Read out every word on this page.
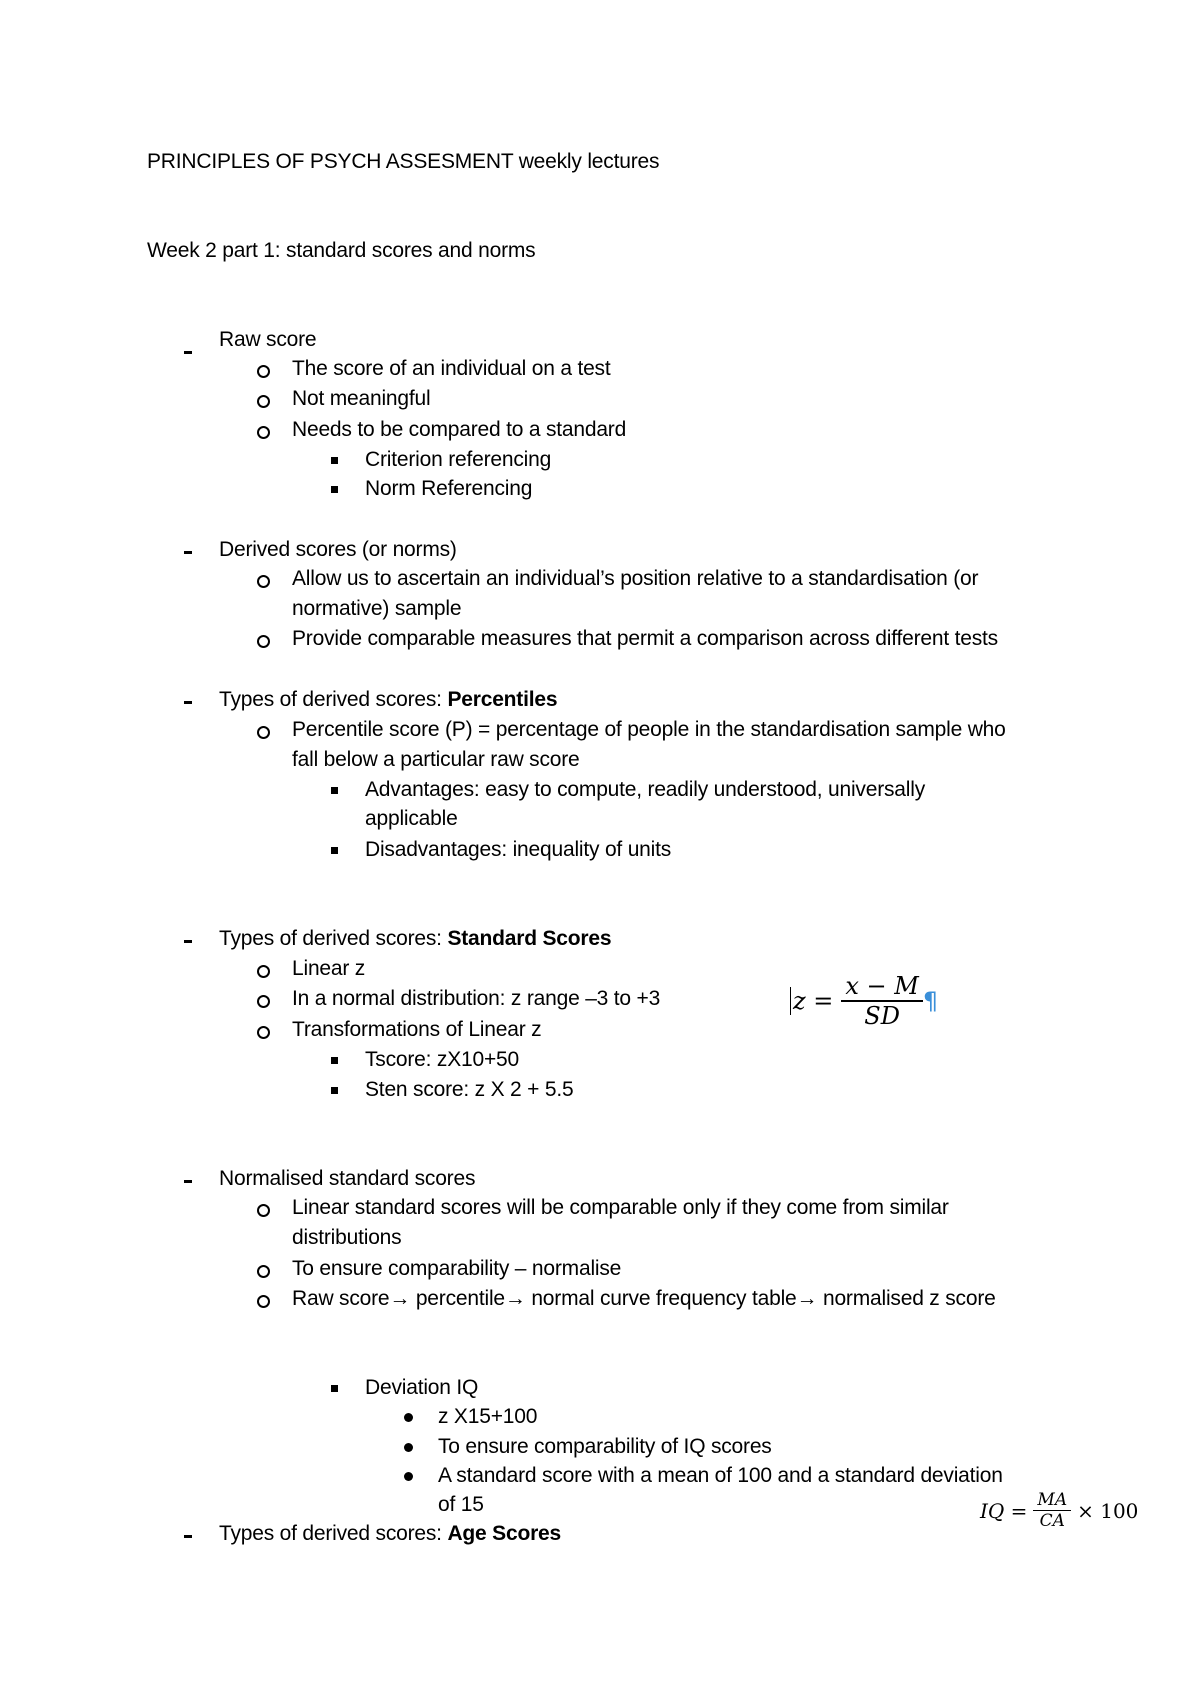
PRINCIPLES OF PSYCH ASSESMENT weekly lectures
Week 2 part 1: standard scores and norms
Raw score
The score of an individual on a test
Not meaningful
Needs to be compared to a standard
Criterion referencing
Norm Referencing
Derived scores (or norms)
Allow us to ascertain an individual’s position relative to a standardisation (or
normative) sample
Provide comparable measures that permit a comparison across different tests
Types of derived scores: Percentiles
Percentile score (P) = percentage of people in the standardisation sample who
fall below a particular raw score
Advantages: easy to compute, readily understood, universally
applicable
Disadvantages: inequality of units
Types of derived scores: Standard Scores
Linear z
In a normal distribution: z range –3 to +3
Transformations of Linear z
Tscore: zX10+50
Sten score: z X 2 + 5.5
$z = \frac{x - M}{SD}$ ¶
Normalised standard scores
Linear standard scores will be comparable only if they come from similar
distributions
To ensure comparability – normalise
Raw score→ percentile→ normal curve frequency table→ normalised z score
Deviation IQ
z X15+100
To ensure comparability of IQ scores
A standard score with a mean of 100 and a standard deviation
of 15
Types of derived scores: Age Scores
IQ = $\frac{MA}{CA} \times 100$
